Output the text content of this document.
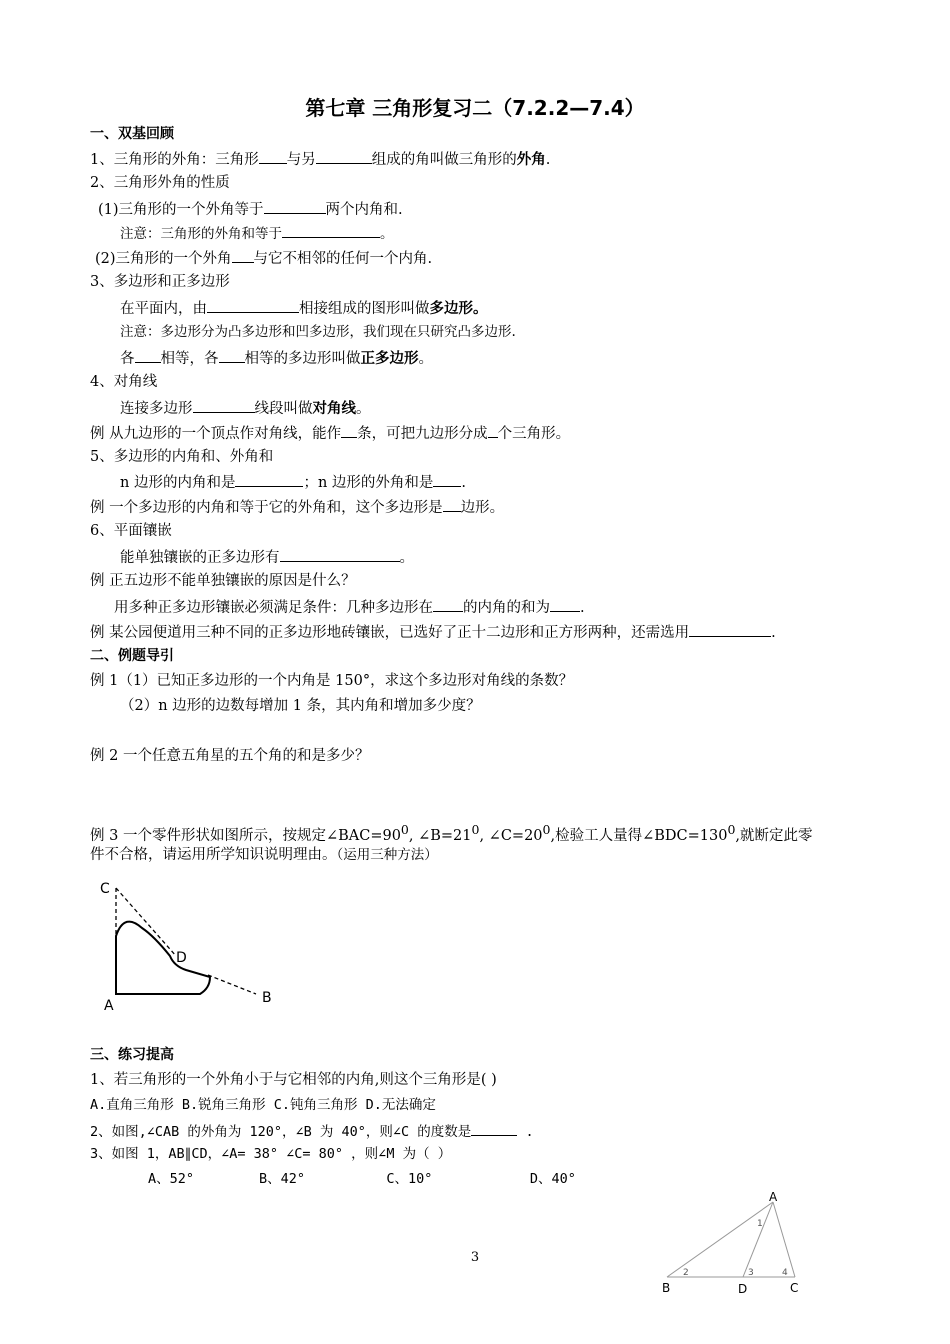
第七章 三角形复习二（7.2.2—7.4）
一、双基回顾
1、三角形的外角：三角形 与另	组成的角叫做三角形的外角.
2、三角形外角的性质
(1)三角形的一个外角等于	两个内角和.
注意：三角形的外角和等于	。
(2)三角形的一个外角 与它不相邻的任何一个内角.
3、多边形和正多边形
在平面内，由	相接组成的图形叫做多边形。
注意：多边形分为凸多边形和凹多边形，我们现在只研究凸多边形.
各 相等，各 相等的多边形叫做正多边形。
4、对角线
连接多边形	线段叫做对角线。
例 从九边形的一个顶点作对角线，能作 条，可把九边形分成 个三角形。
5、多边形的内角和、外角和
n 边形的内角和是	；n 边形的外角和是 .
例 一个多边形的内角和等于它的外角和，这个多边形是 边形。
6、平面镶嵌
能单独镶嵌的正多边形有	。
例 正五边形不能单独镶嵌的原因是什么？
用多种正多边形镶嵌必须满足条件：几种多边形在 的内角的和为 .
例 某公园便道用三种不同的正多边形地砖镶嵌，已选好了正十二边形和正方形两种，还需选用	.
二、例题导引
例 1（1）已知正多边形的一个内角是 150°，求这个多边形对角线的条数？
（2）n 边形的边数每增加 1 条，其内角和增加多少度？
例 2 一个任意五角星的五个角的和是多少？
例 3 一个零件形状如图所示，按规定$\angle BAC=90^0$, $\angle B=21^0$, $\angle C=20^0$,检验工人量得$\angle BDC=130^0$,就断定此零
件不合格，请运用所学知识说明理由。（运用三种方法）
C
D
A	B
三、练习提高
1、若三角形的一个外角小于与它相邻的内角,则这个三角形是( )
A.直角三角形 B.锐角三角形 C.钝角三角形 D.无法确定
2、如图,∠CAB 的外角为 120°，∠B 为 40°，则∠C 的度数是	.
3、如图 1，AB∥CD，∠A= 38° ∠C= 80° ，则∠M 为（ ）
A、52°        B、42°          C、10°            D、40°
A
B	D	C
1
2	3	4
3
